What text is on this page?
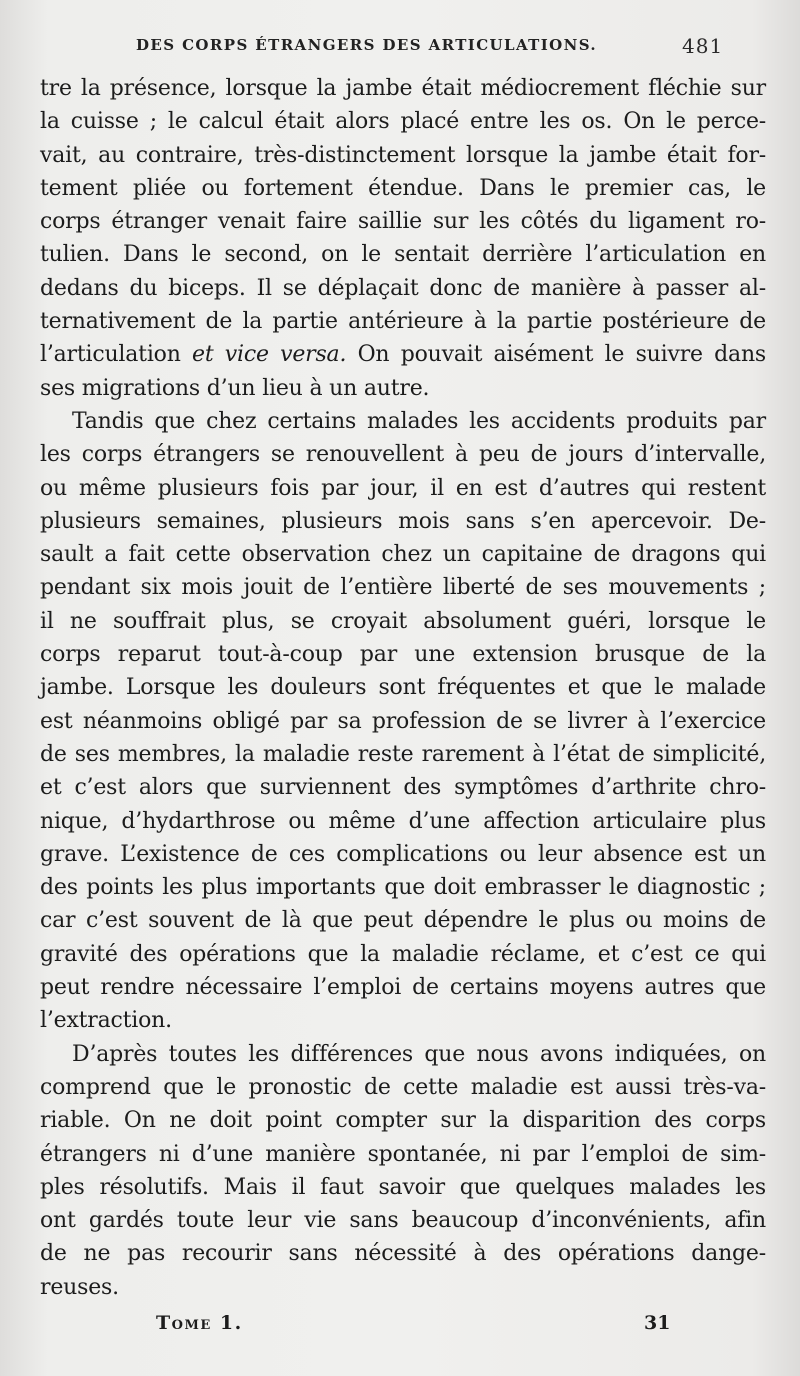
DES CORPS ÉTRANGERS DES ARTICULATIONS.	481
tre la présence, lorsque la jambe était médiocrement fléchie sur
la cuisse ; le calcul était alors placé entre les os. On le perce-
vait, au contraire, très-distinctement lorsque la jambe était for-
tement pliée ou fortement étendue. Dans le premier cas, le
corps étranger venait faire saillie sur les côtés du ligament ro-
tulien. Dans le second, on le sentait derrière l’articulation en
dedans du biceps. Il se déplaçait donc de manière à passer al-
ternativement de la partie antérieure à la partie postérieure de
l’articulation et vice versa. On pouvait aisément le suivre dans
ses migrations d’un lieu à un autre.
Tandis que chez certains malades les accidents produits par
les corps étrangers se renouvellent à peu de jours d’intervalle,
ou même plusieurs fois par jour, il en est d’autres qui restent
plusieurs semaines, plusieurs mois sans s’en apercevoir. De-
sault a fait cette observation chez un capitaine de dragons qui
pendant six mois jouit de l’entière liberté de ses mouvements ;
il ne souffrait plus, se croyait absolument guéri, lorsque le
corps reparut tout-à-coup par une extension brusque de la
jambe. Lorsque les douleurs sont fréquentes et que le malade
est néanmoins obligé par sa profession de se livrer à l’exercice
de ses membres, la maladie reste rarement à l’état de simplicité,
et c’est alors que surviennent des symptômes d’arthrite chro-
nique, d’hydarthrose ou même d’une affection articulaire plus
grave. L’existence de ces complications ou leur absence est un
des points les plus importants que doit embrasser le diagnostic ;
car c’est souvent de là que peut dépendre le plus ou moins de
gravité des opérations que la maladie réclame, et c’est ce qui
peut rendre nécessaire l’emploi de certains moyens autres que
l’extraction.
D’après toutes les différences que nous avons indiquées, on
comprend que le pronostic de cette maladie est aussi très-va-
riable. On ne doit point compter sur la disparition des corps
étrangers ni d’une manière spontanée, ni par l’emploi de sim-
ples résolutifs. Mais il faut savoir que quelques malades les
ont gardés toute leur vie sans beaucoup d’inconvénients, afin
de ne pas recourir sans nécessité à des opérations dange-
reuses.
Tome 1.	31
